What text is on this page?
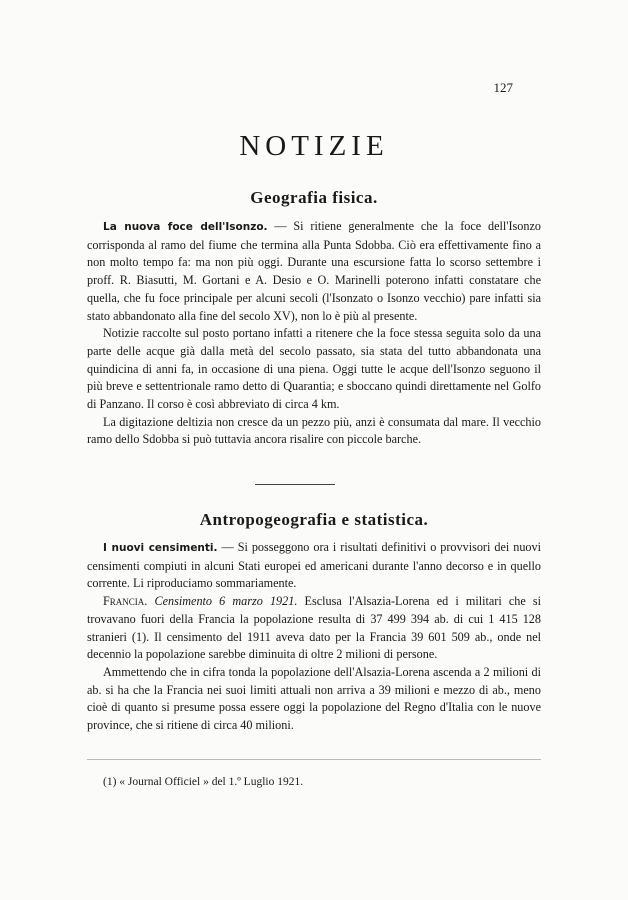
127
NOTIZIE
Geografia fisica.

La nuova foce dell'Isonzo. — Si ritiene generalmente che la foce dell'Isonzo corrisponda al ramo del fiume che termina alla Punta Sdobba. Ciò era effettivamente fino a non molto tempo fa: ma non più oggi. Durante una escursione fatta lo scorso settembre i proff. R. Biasutti, M. Gortani e A. Desio e O. Marinelli poterono infatti constatare che quella, che fu foce principale per alcuni secoli (l'Isonzato o Isonzo vecchio) pare infatti sia stato abbandonato alla fine del secolo XV), non lo è più al presente.

Notizie raccolte sul posto portano infatti a ritenere che la foce stessa seguita solo da una parte delle acque già dalla metà del secolo passato, sia stata del tutto abbandonata una quindicina di anni fa, in occasione di una piena. Oggi tutte le acque dell'Isonzo seguono il più breve e settentrionale ramo detto di Quarantia; e sboccano quindi direttamente nel Golfo di Panzano. Il corso è così abbreviato di circa 4 km.

La digitazione deltizia non cresce da un pezzo più, anzi è consumata dal mare. Il vecchio ramo dello Sdobba si può tuttavia ancora risalire con piccole barche.

Antropogeografia e statistica.

I nuovi censimenti. — Si posseggono ora i risultati definitivi o provvisori dei nuovi censimenti compiuti in alcuni Stati europei ed americani durante l'anno decorso e in quello corrente. Li riproduciamo sommariamente.

Francia. Censimento 6 marzo 1921. Esclusa l'Alsazia-Lorena ed i militari che si trovavano fuori della Francia la popolazione resulta di 37 499 394 ab. di cui 1 415 128 stranieri (1). Il censimento del 1911 aveva dato per la Francia 39 601 509 ab., onde nel decennio la popolazione sarebbe diminuita di oltre 2 milioni di persone.

Ammettendo che in cifra tonda la popolazione dell'Alsazia-Lorena ascenda a 2 milioni di ab. si ha che la Francia nei suoi limiti attuali non arriva a 39 milioni e mezzo di ab., meno cioè di quanto si presume possa essere oggi la popolazione del Regno d'Italia con le nuove province, che si ritiene di circa 40 milioni.

(1) « Journal Officiel » del 1.º Luglio 1921.
